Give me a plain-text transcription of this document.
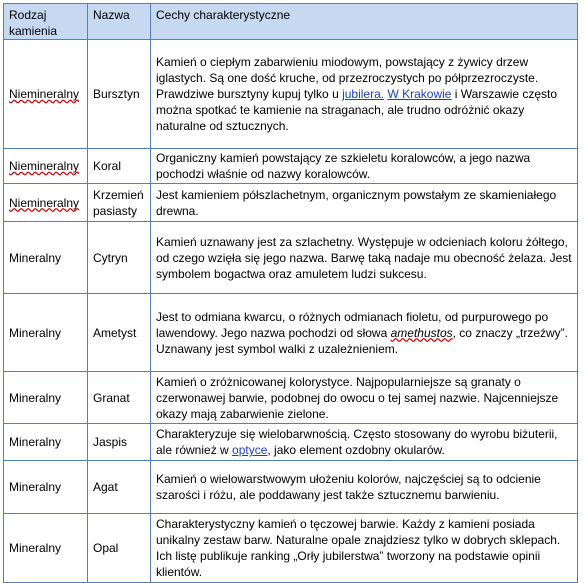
Rodzaj
kamienia	Nazwa	Cechy charakterystyczne
Niemineralny	Bursztyn	Kamień o ciepłym zabarwieniu miodowym, powstający z żywicy drzew iglastych. Są one dość kruche, od przezroczystych po półprzezroczyste. Prawdziwe bursztyny kupuj tylko u jubilera. W Krakowie i Warszawie często można spotkać te kamienie na straganach, ale trudno odróżnić okazy naturalne od sztucznych.
Niemineralny	Koral	Organiczny kamień powstający ze szkieletu koralowców, a jego nazwa pochodzi właśnie od nazwy koralowców.
Niemineralny	Krzemień pasiasty	Jest kamieniem półszlachetnym, organicznym powstałym ze skamieniałego drewna.
Mineralny	Cytryn	Kamień uznawany jest za szlachetny. Występuje w odcieniach koloru żółtego, od czego wzięła się jego nazwa. Barwę taką nadaje mu obecność żelaza. Jest symbolem bogactwa oraz amuletem ludzi sukcesu.
Mineralny	Ametyst	Jest to odmiana kwarcu, o różnych odmianach fioletu, od purpurowego po lawendowy. Jego nazwa pochodzi od słowa amethustos, co znaczy „trzeźwy”. Uznawany jest symbol walki z uzależnieniem.
Mineralny	Granat	Kamień o zróżnicowanej kolorystyce. Najpopularniejsze są granaty o czerwonawej barwie, podobnej do owocu o tej samej nazwie. Najcenniejsze okazy mają zabarwienie zielone.
Mineralny	Jaspis	Charakteryzuje się wielobarwnością. Często stosowany do wyrobu biżuterii, ale również w optyce, jako element ozdobny okularów.
Mineralny	Agat	Kamień o wielowarstwowym ułożeniu kolorów, najczęściej są to odcienie szarości i różu, ale poddawany jest także sztucznemu barwieniu.
Mineralny	Opal	Charakterystyczny kamień o tęczowej barwie. Każdy z kamieni posiada unikalny zestaw barw. Naturalne opale znajdziesz tylko w dobrych sklepach. Ich listę publikuje ranking „Orły jubilerstwa” tworzony na podstawie opinii klientów.
